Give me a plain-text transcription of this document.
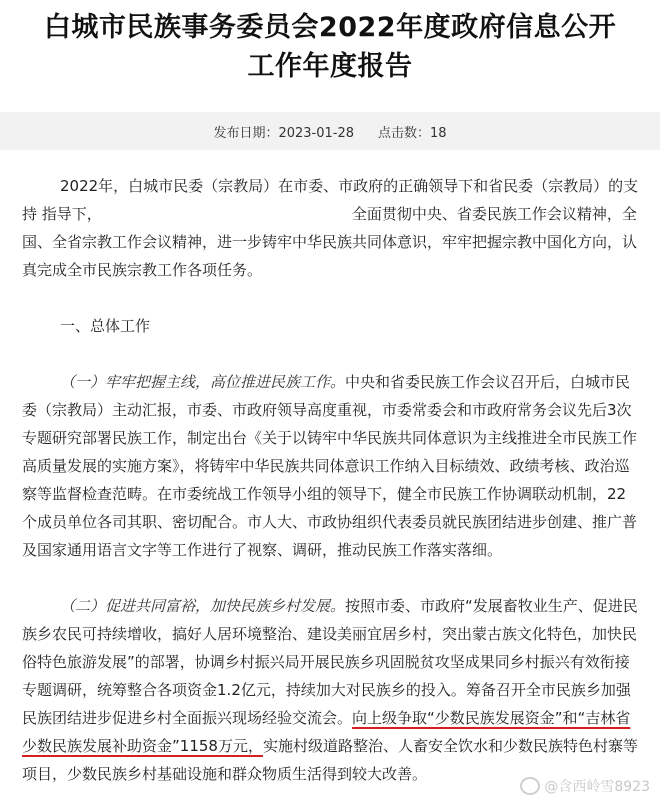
白城市民族事务委员会2022年度政府信息公开
工作年度报告
发布日期：2023-01-28 点击数：18

2022年，白城市民委（宗教局）在市委、市政府的正确领导下和省民委（宗教局）的支持 指导下，	全面贯彻中央、省委民族工作会议精神，全国、全省宗教工作会议精神，进一步铸牢中华民族共同体意识，牢牢把握宗教中国化方向，认真完成全市民族宗教工作各项任务。

一、总体工作

（一）牢牢把握主线，高位推进民族工作。中央和省委民族工作会议召开后，白城市民委（宗教局）主动汇报，市委、市政府领导高度重视，市委常委会和市政府常务会议先后3次专题研究部署民族工作，制定出台《关于以铸牢中华民族共同体意识为主线推进全市民族工作高质量发展的实施方案》，将铸牢中华民族共同体意识工作纳入目标绩效、政绩考核、政治巡察等监督检查范畴。在市委统战工作领导小组的领导下，健全市民族工作协调联动机制，22个成员单位各司其职、密切配合。市人大、市政协组织代表委员就民族团结进步创建、推广普及国家通用语言文字等工作进行了视察、调研，推动民族工作落实落细。

（二）促进共同富裕，加快民族乡村发展。按照市委、市政府“发展畜牧业生产、促进民族乡农民可持续增收，搞好人居环境整治、建设美丽宜居乡村，突出蒙古族文化特色，加快民俗特色旅游发展”的部署，协调乡村振兴局开展民族乡巩固脱贫攻坚成果同乡村振兴有效衔接专题调研，统筹整合各项资金1.2亿元，持续加大对民族乡的投入。筹备召开全市民族乡加强民族团结进步促进乡村全面振兴现场经验交流会。向上级争取“少数民族发展资金”和“吉林省少数民族发展补助资金”1158万元，实施村级道路整治、人畜安全饮水和少数民族特色村寨等项目，少数民族乡村基础设施和群众物质生活得到较大改善。

@含西岭雪8923
